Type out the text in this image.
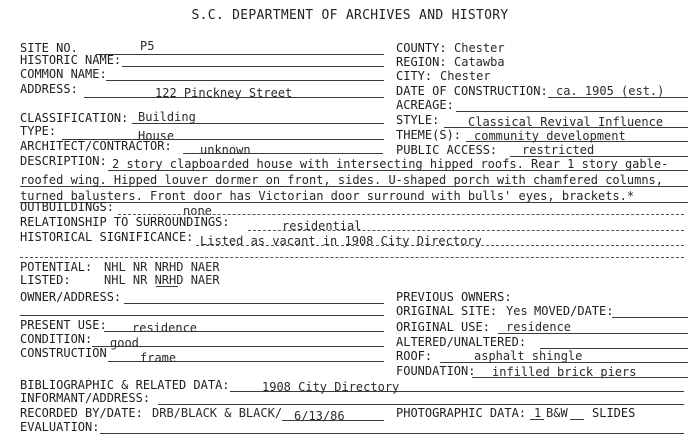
S.C. DEPARTMENT OF ARCHIVES AND HISTORY
SITE NO.	P5
HISTORIC NAME:
COMMON NAME:
ADDRESS:	122 Pinckney Street
CLASSIFICATION: Building
TYPE:	House
ARCHITECT/CONTRACTOR: unknown
DESCRIPTION: 2 story clapboarded house with intersecting hipped roofs. Rear 1 story gable-
roofed wing. Hipped louver dormer on front, sides. U-shaped porch with chamfered columns,
turned balusters. Front door has Victorian door surround with bulls' eyes, brackets.*
OUTBUILDINGS:	none
RELATIONSHIP TO SURROUNDINGS:	residential
HISTORICAL SIGNIFICANCE: Listed as vacant in 1908 City Directory
POTENTIAL: NHL NR NRHD NAER
LISTED:	NHL NR NRHD NAER
OWNER/ADDRESS:
PRESENT USE: residence
CONDITION: good
CONSTRUCTION	frame
BIBLIOGRAPHIC & RELATED DATA:	1908 City Directory
INFORMANT/ADDRESS:
RECORDED BY/DATE: DRB/BLACK & BLACK/ 6/13/86
EVALUATION:
COUNTY: Chester
REGION: Catawba
CITY: Chester
DATE OF CONSTRUCTION: ca. 1905 (est.)
ACREAGE:
STYLE: Classical Revival Influence
THEME(S): community development
PUBLIC ACCESS: restricted
PREVIOUS OWNERS:
ORIGINAL SITE: Yes MOVED/DATE:
ORIGINAL USE: residence
ALTERED/UNALTERED:
ROOF:	asphalt shingle
FOUNDATION: infilled brick piers
PHOTOGRAPHIC DATA: 1 B&W SLIDES
